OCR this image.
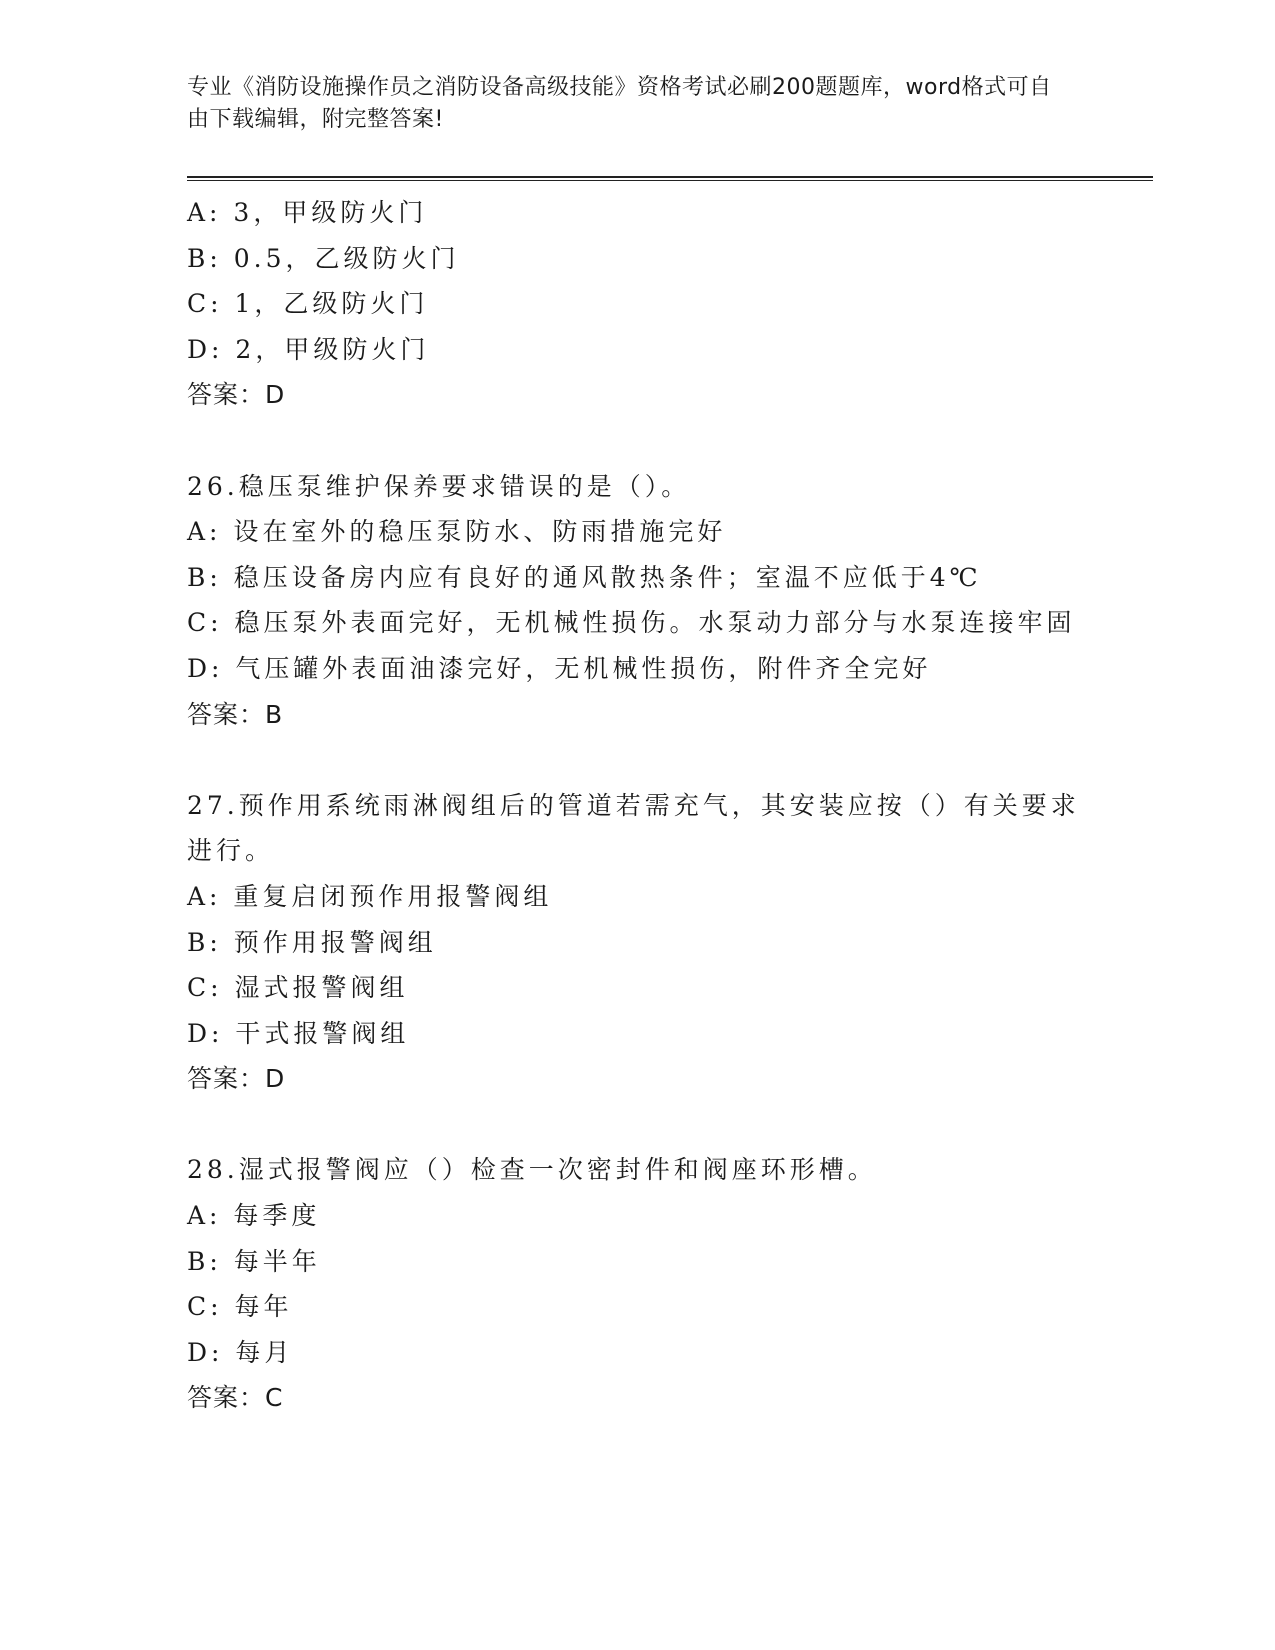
专业《消防设施操作员之消防设备高级技能》资格考试必刷200题题库，word格式可自由下载编辑，附完整答案!
A: 3，甲级防火门
B: 0.5，乙级防火门
C: 1，乙级防火门
D: 2，甲级防火门
答案：D
26.稳压泵维护保养要求错误的是（）。
A: 设在室外的稳压泵防水、防雨措施完好
B: 稳压设备房内应有良好的通风散热条件；室温不应低于4℃
C: 稳压泵外表面完好，无机械性损伤。水泵动力部分与水泵连接牢固
D: 气压罐外表面油漆完好，无机械性损伤，附件齐全完好
答案：B
27.预作用系统雨淋阀组后的管道若需充气，其安装应按（）有关要求
进行。
A: 重复启闭预作用报警阀组
B: 预作用报警阀组
C: 湿式报警阀组
D: 干式报警阀组
答案：D
28.湿式报警阀应（）检查一次密封件和阀座环形槽。
A: 每季度
B: 每半年
C: 每年
D: 每月
答案：C
